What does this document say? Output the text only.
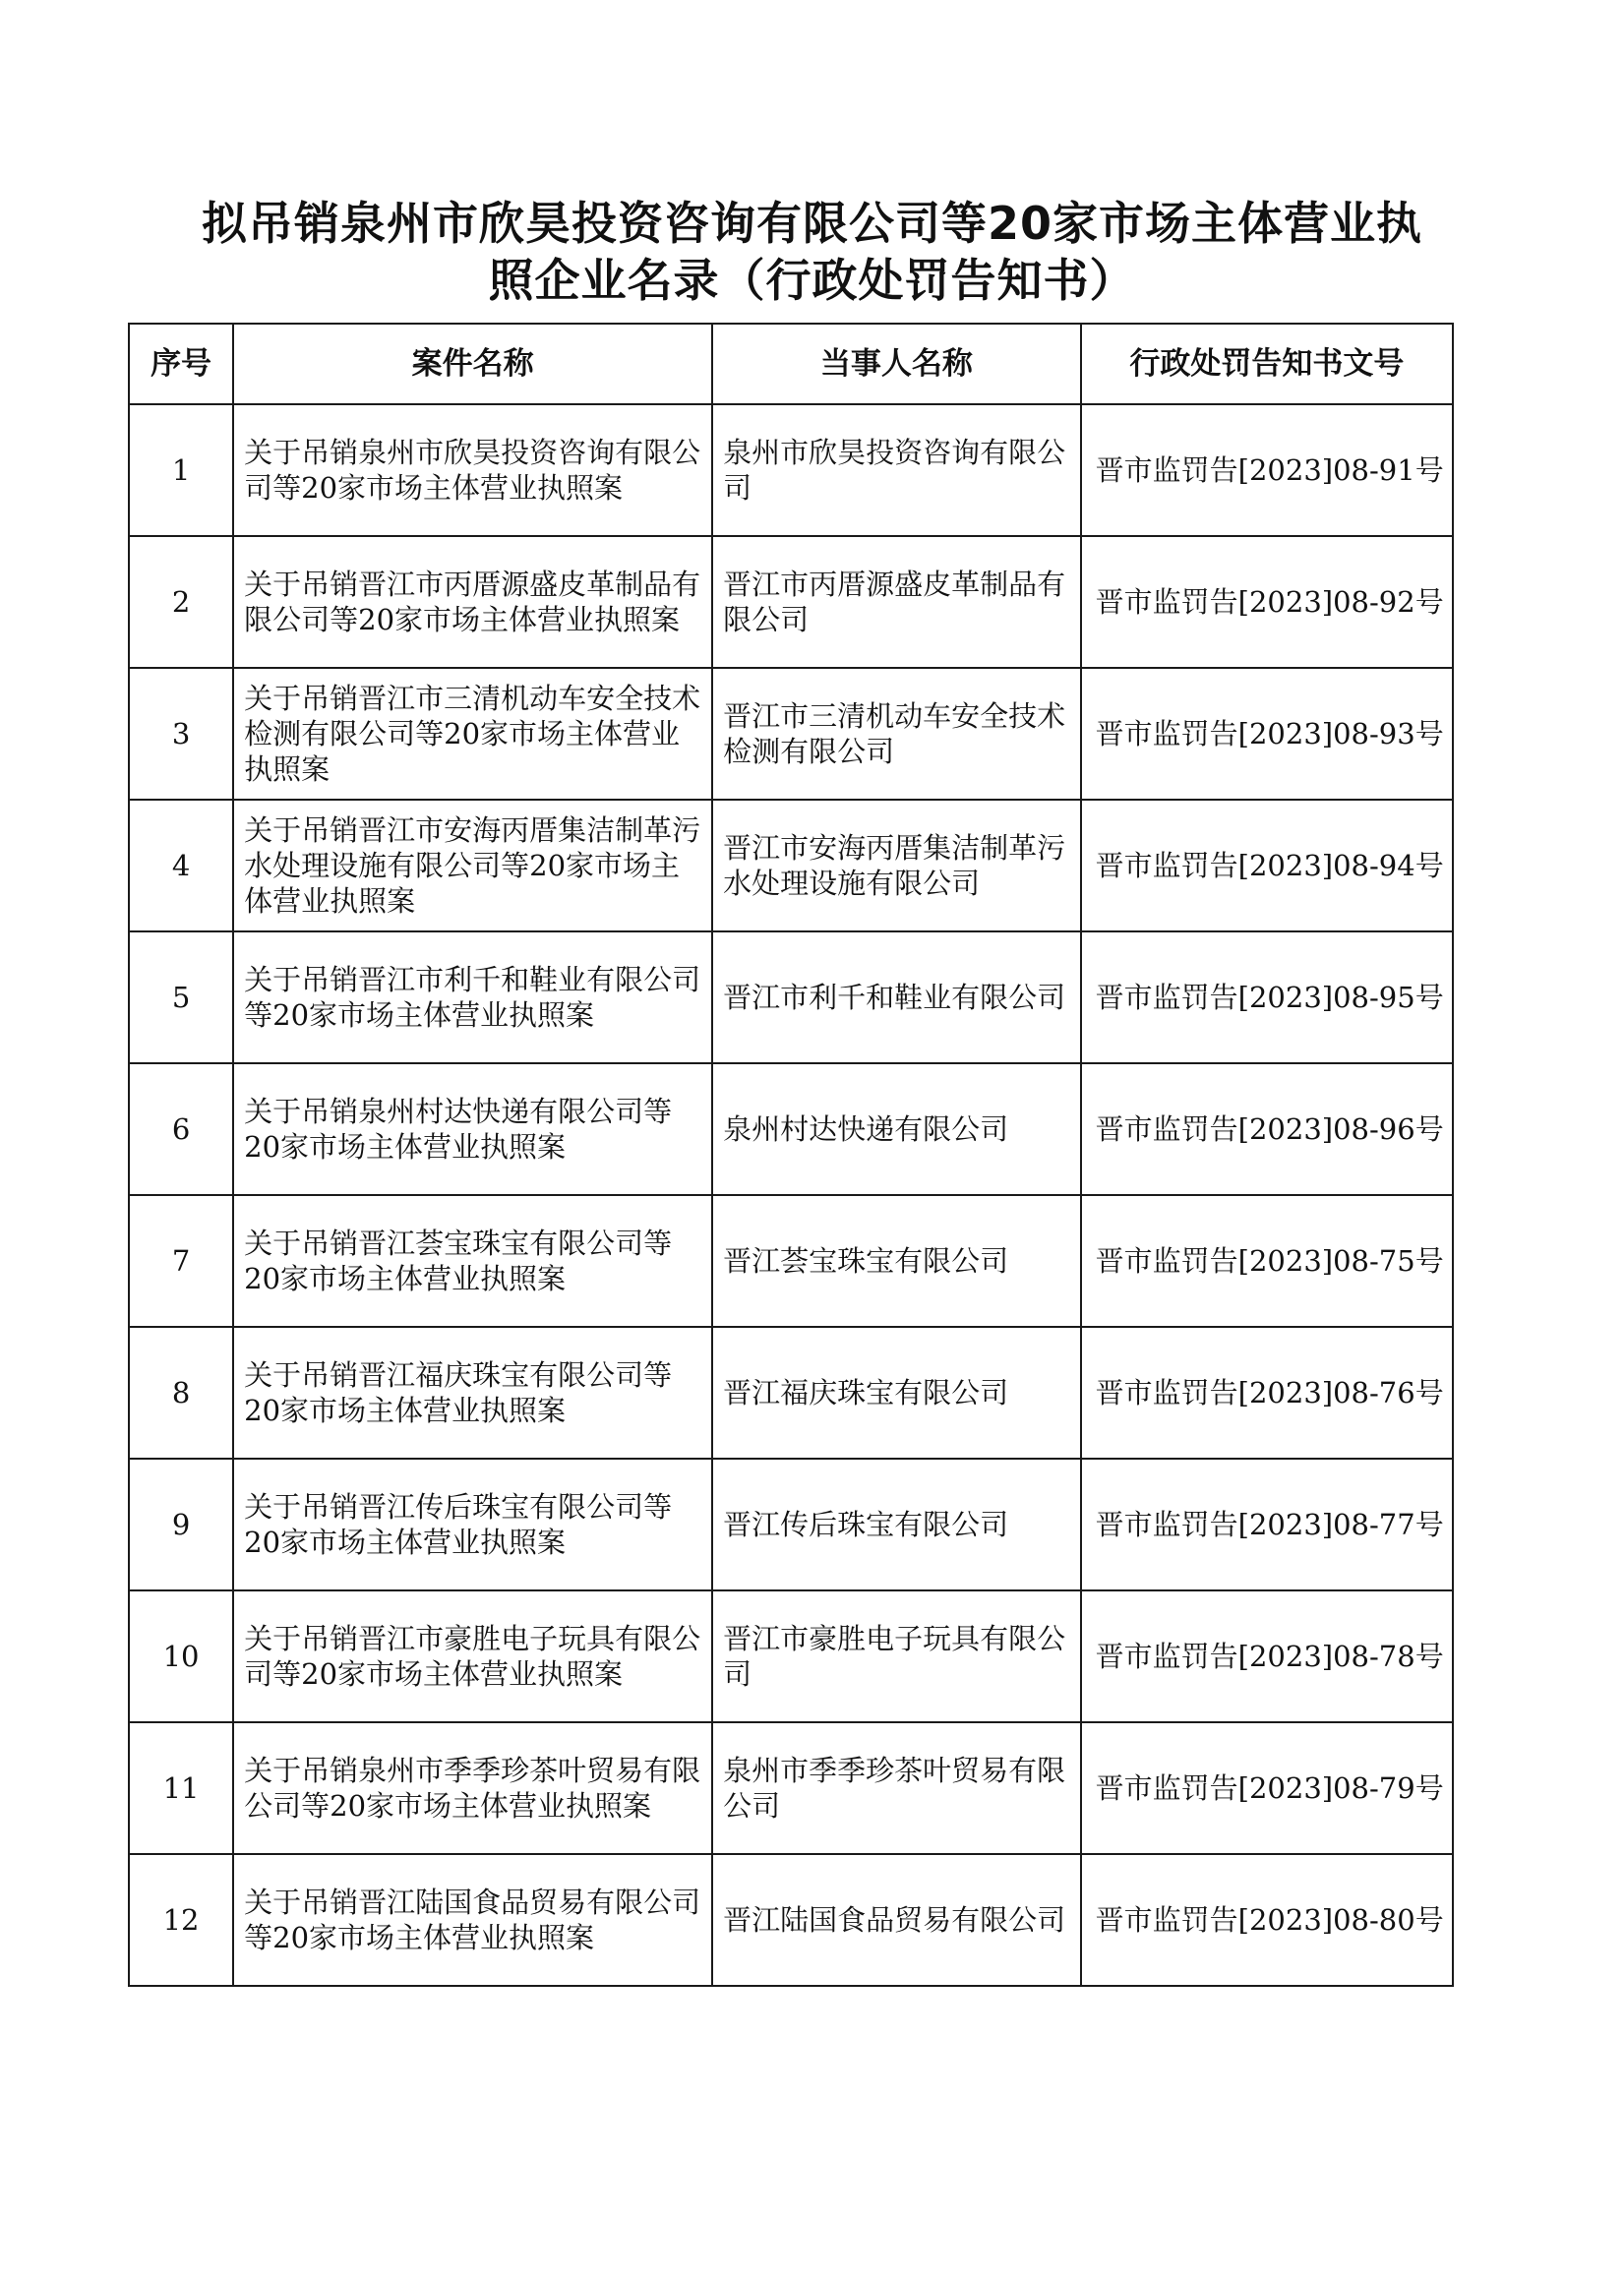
拟吊销泉州市欣昊投资咨询有限公司等20家市场主体营业执
照企业名录（行政处罚告知书）
序号	案件名称	当事人名称	行政处罚告知书文号
1	关于吊销泉州市欣昊投资咨询有限公司等20家市场主体营业执照案	泉州市欣昊投资咨询有限公司	晋市监罚告[2023]08-91号
2	关于吊销晋江市丙厝源盛皮革制品有限公司等20家市场主体营业执照案	晋江市丙厝源盛皮革制品有限公司	晋市监罚告[2023]08-92号
3	关于吊销晋江市三清机动车安全技术检测有限公司等20家市场主体营业执照案	晋江市三清机动车安全技术检测有限公司	晋市监罚告[2023]08-93号
4	关于吊销晋江市安海丙厝集洁制革污水处理设施有限公司等20家市场主体营业执照案	晋江市安海丙厝集洁制革污水处理设施有限公司	晋市监罚告[2023]08-94号
5	关于吊销晋江市利千和鞋业有限公司等20家市场主体营业执照案	晋江市利千和鞋业有限公司	晋市监罚告[2023]08-95号
6	关于吊销泉州村达快递有限公司等20家市场主体营业执照案	泉州村达快递有限公司	晋市监罚告[2023]08-96号
7	关于吊销晋江荟宝珠宝有限公司等20家市场主体营业执照案	晋江荟宝珠宝有限公司	晋市监罚告[2023]08-75号
8	关于吊销晋江福庆珠宝有限公司等20家市场主体营业执照案	晋江福庆珠宝有限公司	晋市监罚告[2023]08-76号
9	关于吊销晋江传后珠宝有限公司等20家市场主体营业执照案	晋江传后珠宝有限公司	晋市监罚告[2023]08-77号
10	关于吊销晋江市豪胜电子玩具有限公司等20家市场主体营业执照案	晋江市豪胜电子玩具有限公司	晋市监罚告[2023]08-78号
11	关于吊销泉州市季季珍茶叶贸易有限公司等20家市场主体营业执照案	泉州市季季珍茶叶贸易有限公司	晋市监罚告[2023]08-79号
12	关于吊销晋江陆国食品贸易有限公司等20家市场主体营业执照案	晋江陆国食品贸易有限公司	晋市监罚告[2023]08-80号
